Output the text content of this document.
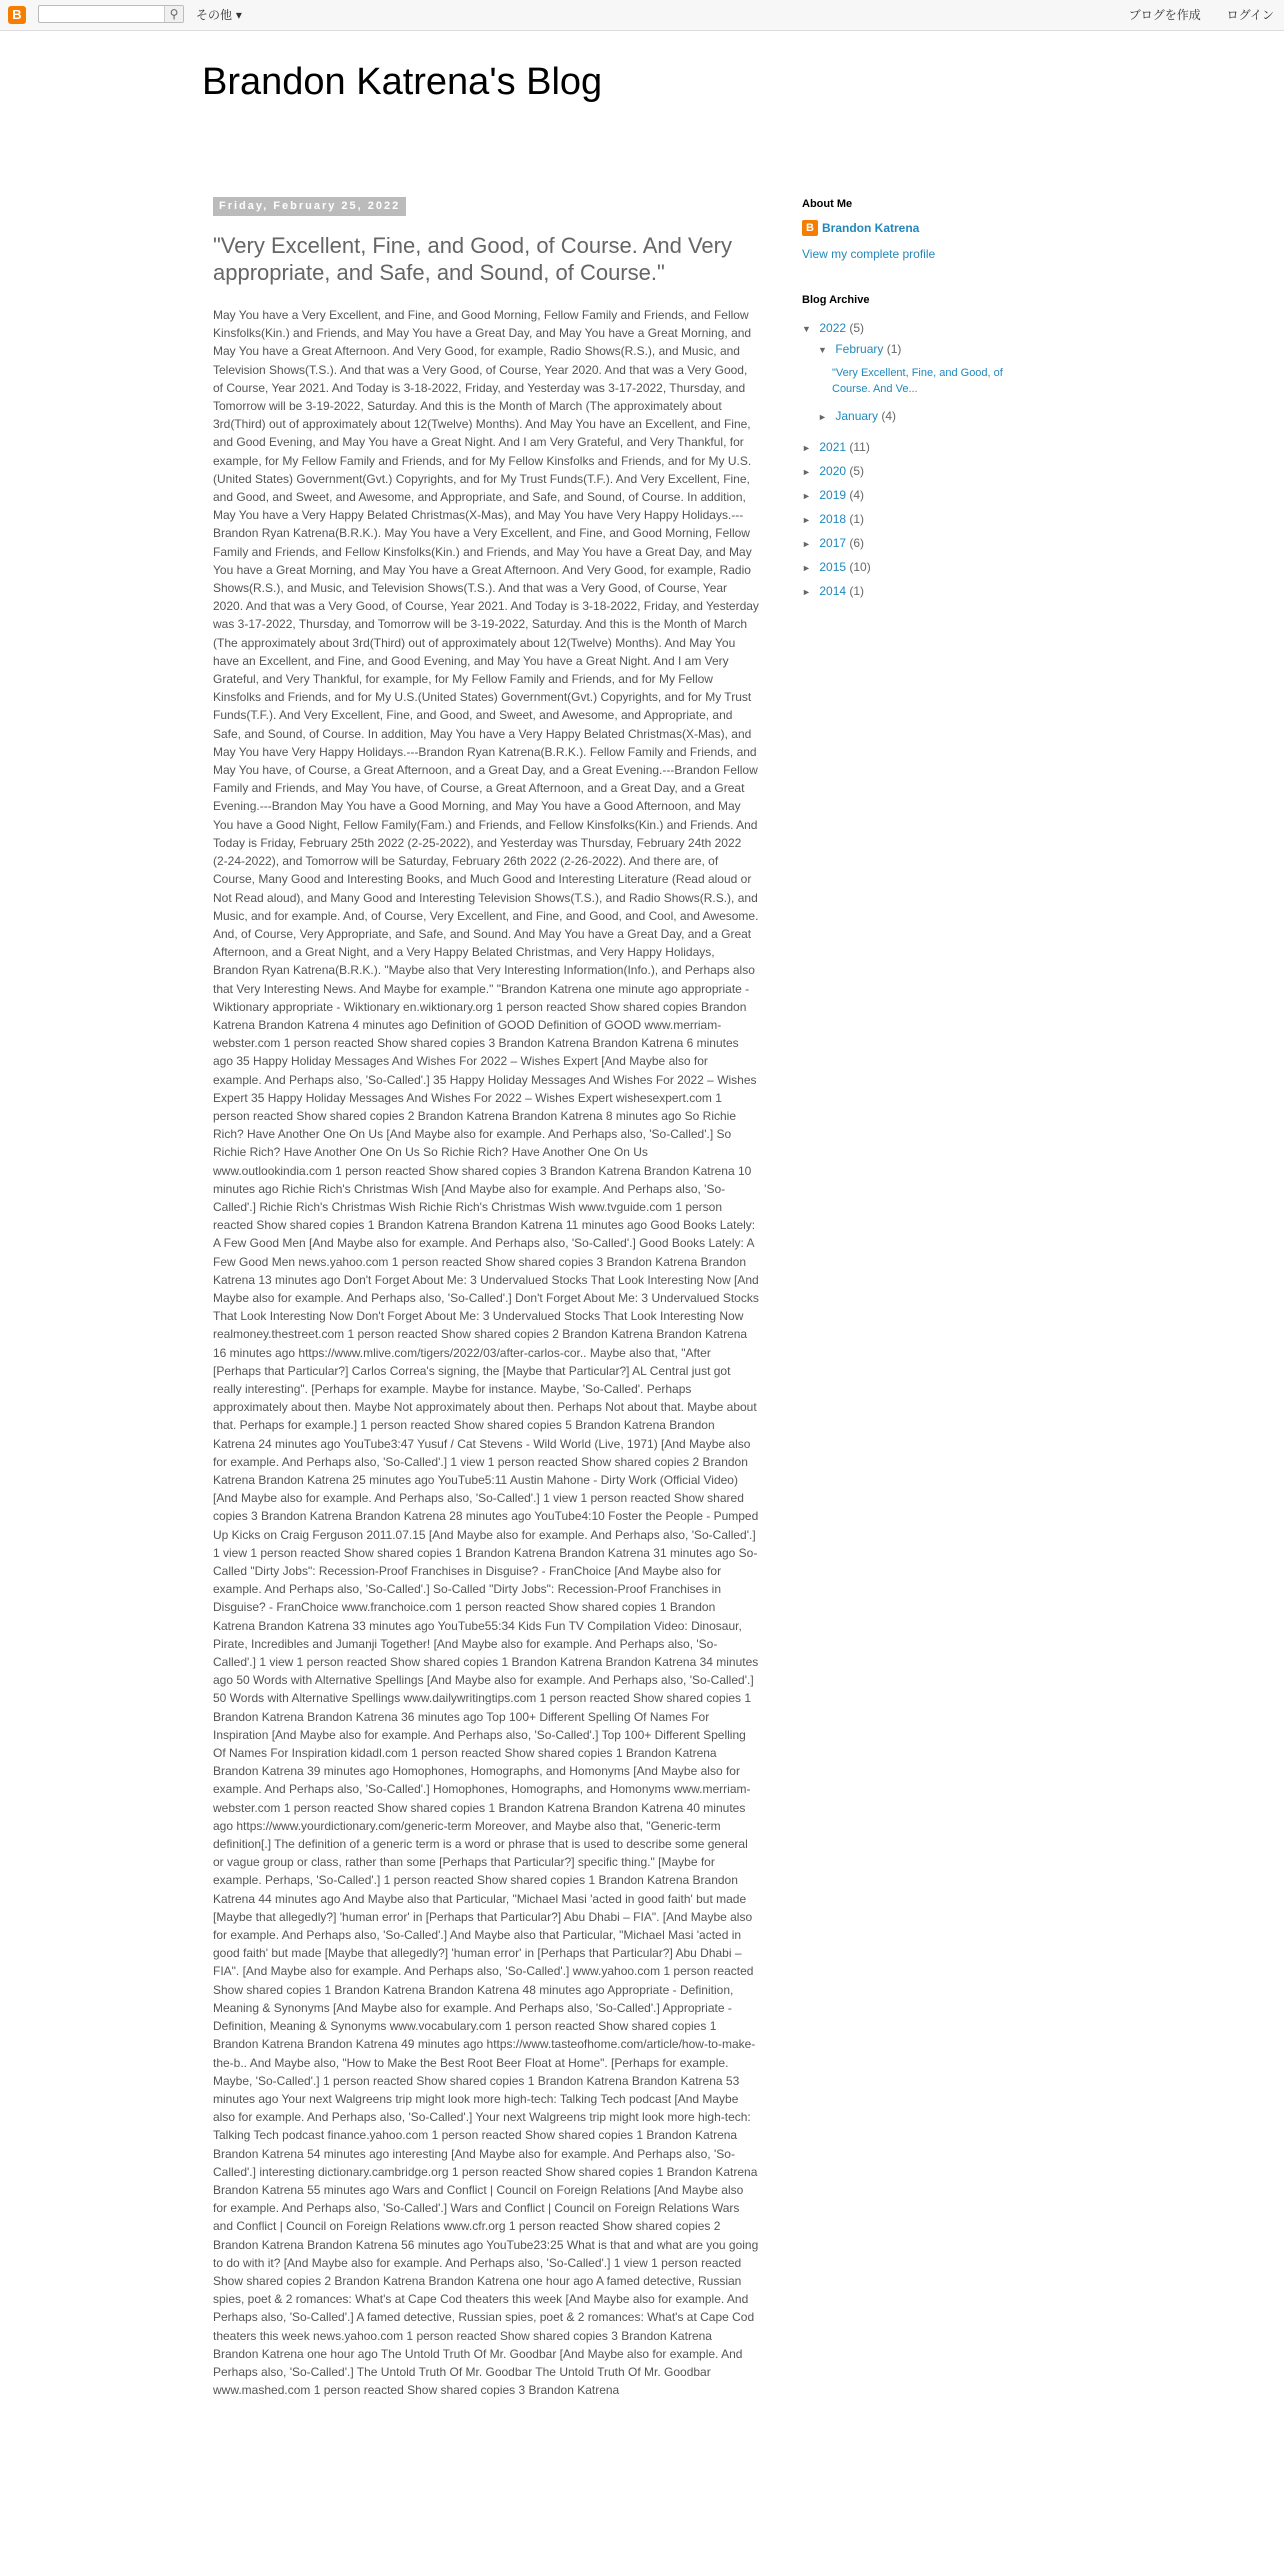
B	⚲	その他 ▾	ブログを作成 ログイン
Brandon Katrena's Blog
Friday, February 25, 2022
"Very Excellent, Fine, and Good, of Course. And Very appropriate, and Safe, and Sound, of Course."
May You have a Very Excellent, and Fine, and Good Morning, Fellow Family and Friends, and Fellow Kinsfolks(Kin.) and Friends, and May You have a Great Day, and May You have a Great Morning, and May You have a Great Afternoon. And Very Good, for example, Radio Shows(R.S.), and Music, and Television Shows(T.S.). And that was a Very Good, of Course, Year 2020. And that was a Very Good, of Course, Year 2021. And Today is 3-18-2022, Friday, and Yesterday was 3-17-2022, Thursday, and Tomorrow will be 3-19-2022, Saturday. And this is the Month of March (The approximately about 3rd(Third) out of approximately about 12(Twelve) Months). And May You have an Excellent, and Fine, and Good Evening, and May You have a Great Night. And I am Very Grateful, and Very Thankful, for example, for My Fellow Family and Friends, and for My Fellow Kinsfolks and Friends, and for My U.S.(United States) Government(Gvt.) Copyrights, and for My Trust Funds(T.F.). And Very Excellent, Fine, and Good, and Sweet, and Awesome, and Appropriate, and Safe, and Sound, of Course. In addition, May You have a Very Happy Belated Christmas(X-Mas), and May You have Very Happy Holidays.---Brandon Ryan Katrena(B.R.K.). May You have a Very Excellent, and Fine, and Good Morning, Fellow Family and Friends, and Fellow Kinsfolks(Kin.) and Friends, and May You have a Great Day, and May You have a Great Morning, and May You have a Great Afternoon. And Very Good, for example, Radio Shows(R.S.), and Music, and Television Shows(T.S.). And that was a Very Good, of Course, Year 2020. And that was a Very Good, of Course, Year 2021. And Today is 3-18-2022, Friday, and Yesterday was 3-17-2022, Thursday, and Tomorrow will be 3-19-2022, Saturday. And this is the Month of March (The approximately about 3rd(Third) out of approximately about 12(Twelve) Months). And May You have an Excellent, and Fine, and Good Evening, and May You have a Great Night. And I am Very Grateful, and Very Thankful, for example, for My Fellow Family and Friends, and for My Fellow Kinsfolks and Friends, and for My U.S.(United States) Government(Gvt.) Copyrights, and for My Trust Funds(T.F.). And Very Excellent, Fine, and Good, and Sweet, and Awesome, and Appropriate, and Safe, and Sound, of Course. In addition, May You have a Very Happy Belated Christmas(X-Mas), and May You have Very Happy Holidays.---Brandon Ryan Katrena(B.R.K.). Fellow Family and Friends, and May You have, of Course, a Great Afternoon, and a Great Day, and a Great Evening.---Brandon Fellow Family and Friends, and May You have, of Course, a Great Afternoon, and a Great Day, and a Great Evening.---Brandon May You have a Good Morning, and May You have a Good Afternoon, and May You have a Good Night, Fellow Family(Fam.) and Friends, and Fellow Kinsfolks(Kin.) and Friends. And Today is Friday, February 25th 2022 (2-25-2022), and Yesterday was Thursday, February 24th 2022 (2-24-2022), and Tomorrow will be Saturday, February 26th 2022 (2-26-2022). And there are, of Course, Many Good and Interesting Books, and Much Good and Interesting Literature (Read aloud or Not Read aloud), and Many Good and Interesting Television Shows(T.S.), and Radio Shows(R.S.), and Music, and for example. And, of Course, Very Excellent, and Fine, and Good, and Cool, and Awesome. And, of Course, Very Appropriate, and Safe, and Sound. And May You have a Great Day, and a Great Afternoon, and a Great Night, and a Very Happy Belated Christmas, and Very Happy Holidays, Brandon Ryan Katrena(B.R.K.). "Maybe also that Very Interesting Information(Info.), and Perhaps also that Very Interesting News. And Maybe for example." "Brandon Katrena one minute ago appropriate - Wiktionary appropriate - Wiktionary en.wiktionary.org 1 person reacted Show shared copies Brandon Katrena Brandon Katrena 4 minutes ago Definition of GOOD Definition of GOOD www.merriam-webster.com 1 person reacted Show shared copies 3 Brandon Katrena Brandon Katrena 6 minutes ago 35 Happy Holiday Messages And Wishes For 2022 – Wishes Expert [And Maybe also for example. And Perhaps also, 'So-Called'.] 35 Happy Holiday Messages And Wishes For 2022 – Wishes Expert 35 Happy Holiday Messages And Wishes For 2022 – Wishes Expert wishesexpert.com 1 person reacted Show shared copies 2 Brandon Katrena Brandon Katrena 8 minutes ago So Richie Rich? Have Another One On Us [And Maybe also for example. And Perhaps also, 'So-Called'.] So Richie Rich? Have Another One On Us So Richie Rich? Have Another One On Us www.outlookindia.com 1 person reacted Show shared copies 3 Brandon Katrena Brandon Katrena 10 minutes ago Richie Rich's Christmas Wish [And Maybe also for example. And Perhaps also, 'So-Called'.] Richie Rich's Christmas Wish Richie Rich's Christmas Wish www.tvguide.com 1 person reacted Show shared copies 1 Brandon Katrena Brandon Katrena 11 minutes ago Good Books Lately: A Few Good Men [And Maybe also for example. And Perhaps also, 'So-Called'.] Good Books Lately: A Few Good Men news.yahoo.com 1 person reacted Show shared copies 3 Brandon Katrena Brandon Katrena 13 minutes ago Don't Forget About Me: 3 Undervalued Stocks That Look Interesting Now [And Maybe also for example. And Perhaps also, 'So-Called'.] Don't Forget About Me: 3 Undervalued Stocks That Look Interesting Now Don't Forget About Me: 3 Undervalued Stocks That Look Interesting Now realmoney.thestreet.com 1 person reacted Show shared copies 2 Brandon Katrena Brandon Katrena 16 minutes ago https://www.mlive.com/tigers/2022/03/after-carlos-cor.. Maybe also that, "After [Perhaps that Particular?] Carlos Correa's signing, the [Maybe that Particular?] AL Central just got really interesting". [Perhaps for example. Maybe for instance. Maybe, 'So-Called'. Perhaps approximately about then. Maybe Not approximately about then. Perhaps Not about that. Maybe about that. Perhaps for example.] 1 person reacted Show shared copies 5 Brandon Katrena Brandon Katrena 24 minutes ago YouTube3:47 Yusuf / Cat Stevens - Wild World (Live, 1971) [And Maybe also for example. And Perhaps also, 'So-Called'.] 1 view 1 person reacted Show shared copies 2 Brandon Katrena Brandon Katrena 25 minutes ago YouTube5:11 Austin Mahone - Dirty Work (Official Video) [And Maybe also for example. And Perhaps also, 'So-Called'.] 1 view 1 person reacted Show shared copies 3 Brandon Katrena Brandon Katrena 28 minutes ago YouTube4:10 Foster the People - Pumped Up Kicks on Craig Ferguson 2011.07.15 [And Maybe also for example. And Perhaps also, 'So-Called'.] 1 view 1 person reacted Show shared copies 1 Brandon Katrena Brandon Katrena 31 minutes ago So-Called "Dirty Jobs": Recession-Proof Franchises in Disguise? - FranChoice [And Maybe also for example. And Perhaps also, 'So-Called'.] So-Called "Dirty Jobs": Recession-Proof Franchises in Disguise? - FranChoice www.franchoice.com 1 person reacted Show shared copies 1 Brandon Katrena Brandon Katrena 33 minutes ago YouTube55:34 Kids Fun TV Compilation Video: Dinosaur, Pirate, Incredibles and Jumanji Together! [And Maybe also for example. And Perhaps also, 'So-Called'.] 1 view 1 person reacted Show shared copies 1 Brandon Katrena Brandon Katrena 34 minutes ago 50 Words with Alternative Spellings [And Maybe also for example. And Perhaps also, 'So-Called'.] 50 Words with Alternative Spellings www.dailywritingtips.com 1 person reacted Show shared copies 1 Brandon Katrena Brandon Katrena 36 minutes ago Top 100+ Different Spelling Of Names For Inspiration [And Maybe also for example. And Perhaps also, 'So-Called'.] Top 100+ Different Spelling Of Names For Inspiration kidadl.com 1 person reacted Show shared copies 1 Brandon Katrena Brandon Katrena 39 minutes ago Homophones, Homographs, and Homonyms [And Maybe also for example. And Perhaps also, 'So-Called'.] Homophones, Homographs, and Homonyms www.merriam-webster.com 1 person reacted Show shared copies 1 Brandon Katrena Brandon Katrena 40 minutes ago https://www.yourdictionary.com/generic-term Moreover, and Maybe also that, "Generic-term definition[.] The definition of a generic term is a word or phrase that is used to describe some general or vague group or class, rather than some [Perhaps that Particular?] specific thing." [Maybe for example. Perhaps, 'So-Called'.] 1 person reacted Show shared copies 1 Brandon Katrena Brandon Katrena 44 minutes ago And Maybe also that Particular, "Michael Masi 'acted in good faith' but made [Maybe that allegedly?] 'human error' in [Perhaps that Particular?] Abu Dhabi – FIA". [And Maybe also for example. And Perhaps also, 'So-Called'.] And Maybe also that Particular, "Michael Masi 'acted in good faith' but made [Maybe that allegedly?] 'human error' in [Perhaps that Particular?] Abu Dhabi – FIA". [And Maybe also for example. And Perhaps also, 'So-Called'.] www.yahoo.com 1 person reacted Show shared copies 1 Brandon Katrena Brandon Katrena 48 minutes ago Appropriate - Definition, Meaning & Synonyms [And Maybe also for example. And Perhaps also, 'So-Called'.] Appropriate - Definition, Meaning & Synonyms www.vocabulary.com 1 person reacted Show shared copies 1 Brandon Katrena Brandon Katrena 49 minutes ago https://www.tasteofhome.com/article/how-to-make-the-b.. And Maybe also, "How to Make the Best Root Beer Float at Home". [Perhaps for example. Maybe, 'So-Called'.] 1 person reacted Show shared copies 1 Brandon Katrena Brandon Katrena 53 minutes ago Your next Walgreens trip might look more high-tech: Talking Tech podcast [And Maybe also for example. And Perhaps also, 'So-Called'.] Your next Walgreens trip might look more high-tech: Talking Tech podcast finance.yahoo.com 1 person reacted Show shared copies 1 Brandon Katrena Brandon Katrena 54 minutes ago interesting [And Maybe also for example. And Perhaps also, 'So-Called'.] interesting dictionary.cambridge.org 1 person reacted Show shared copies 1 Brandon Katrena Brandon Katrena 55 minutes ago Wars and Conflict | Council on Foreign Relations [And Maybe also for example. And Perhaps also, 'So-Called'.] Wars and Conflict | Council on Foreign Relations Wars and Conflict | Council on Foreign Relations www.cfr.org 1 person reacted Show shared copies 2 Brandon Katrena Brandon Katrena 56 minutes ago YouTube23:25 What is that and what are you going to do with it? [And Maybe also for example. And Perhaps also, 'So-Called'.] 1 view 1 person reacted Show shared copies 2 Brandon Katrena Brandon Katrena one hour ago A famed detective, Russian spies, poet & 2 romances: What's at Cape Cod theaters this week [And Maybe also for example. And Perhaps also, 'So-Called'.] A famed detective, Russian spies, poet & 2 romances: What's at Cape Cod theaters this week news.yahoo.com 1 person reacted Show shared copies 3 Brandon Katrena Brandon Katrena one hour ago The Untold Truth Of Mr. Goodbar [And Maybe also for example. And Perhaps also, 'So-Called'.] The Untold Truth Of Mr. Goodbar The Untold Truth Of Mr. Goodbar www.mashed.com 1 person reacted Show shared copies 3 Brandon Katrena
About Me
B Brandon Katrena
View my complete profile
Blog Archive
▼ 2022 (5)
▼ February (1)
"Very Excellent, Fine, and Good, of Course. And Ve...
► January (4)
► 2021 (11)
► 2020 (5)
► 2019 (4)
► 2018 (1)
► 2017 (6)
► 2015 (10)
► 2014 (1)
